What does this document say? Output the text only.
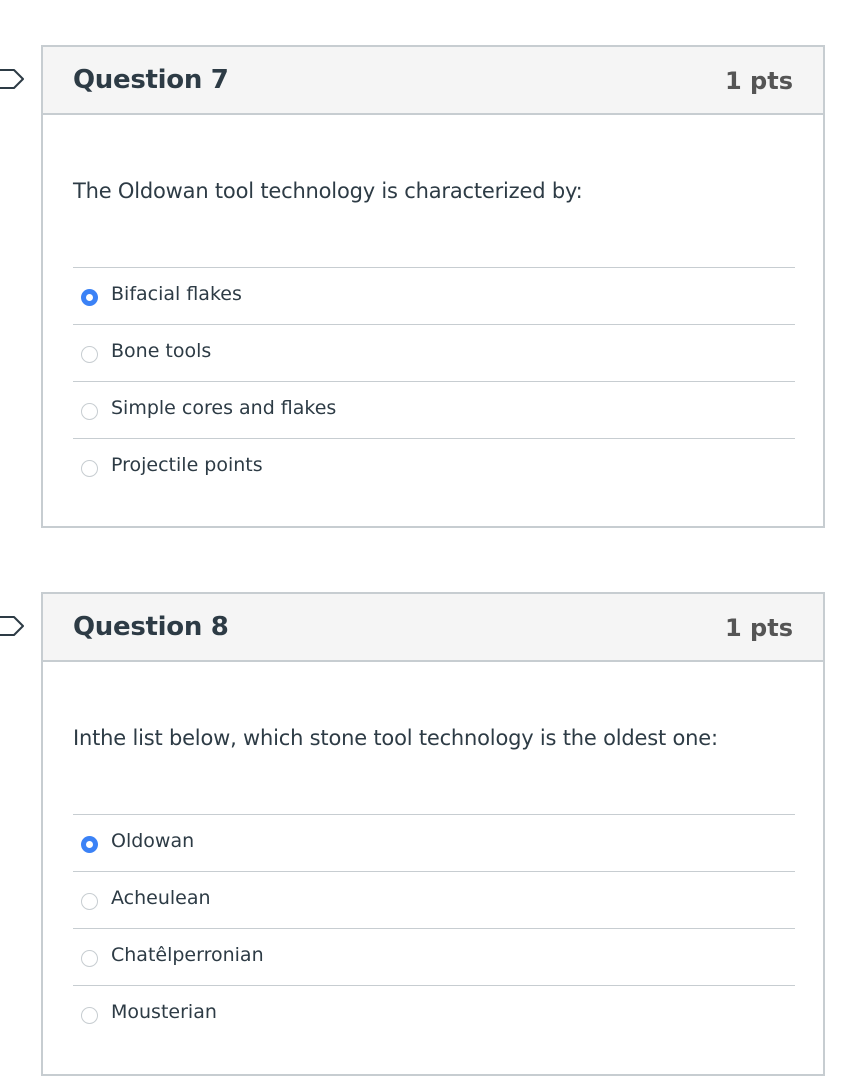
Question 7	1 pts
The Oldowan tool technology is characterized by:
Bifacial flakes
Bone tools
Simple cores and flakes
Projectile points
Question 8	1 pts
Inthe list below, which stone tool technology is the oldest one:
Oldowan
Acheulean
Chatêlperronian
Mousterian
